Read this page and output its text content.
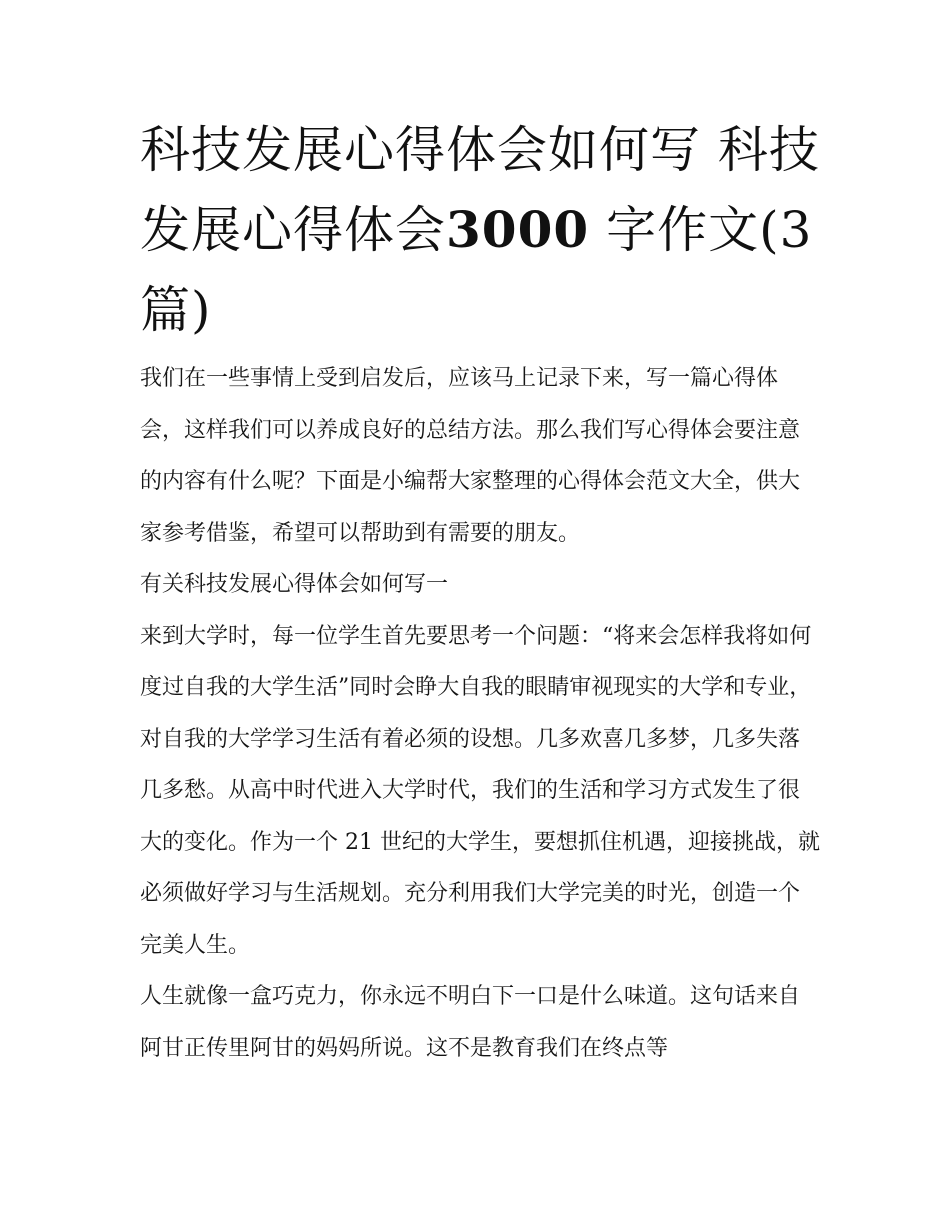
科技发展心得体会如何写 科技发展心得体会3000 字作文(3篇)

我们在一些事情上受到启发后，应该马上记录下来，写一篇心得体会，这样我们可以养成良好的总结方法。那么我们写心得体会要注意的内容有什么呢？下面是小编帮大家整理的心得体会范文大全，供大家参考借鉴，希望可以帮助到有需要的朋友。

有关科技发展心得体会如何写一

来到大学时，每一位学生首先要思考一个问题：“将来会怎样我将如何度过自我的大学生活”同时会睁大自我的眼睛审视现实的大学和专业，对自我的大学学习生活有着必须的设想。几多欢喜几多梦，几多失落几多愁。从高中时代进入大学时代，我们的生活和学习方式发生了很大的变化。作为一个 21 世纪的大学生，要想抓住机遇，迎接挑战，就必须做好学习与生活规划。充分利用我们大学完美的时光，创造一个完美人生。

人生就像一盒巧克力，你永远不明白下一口是什么味道。这句话来自阿甘正传里阿甘的妈妈所说。这不是教育我们在终点等
